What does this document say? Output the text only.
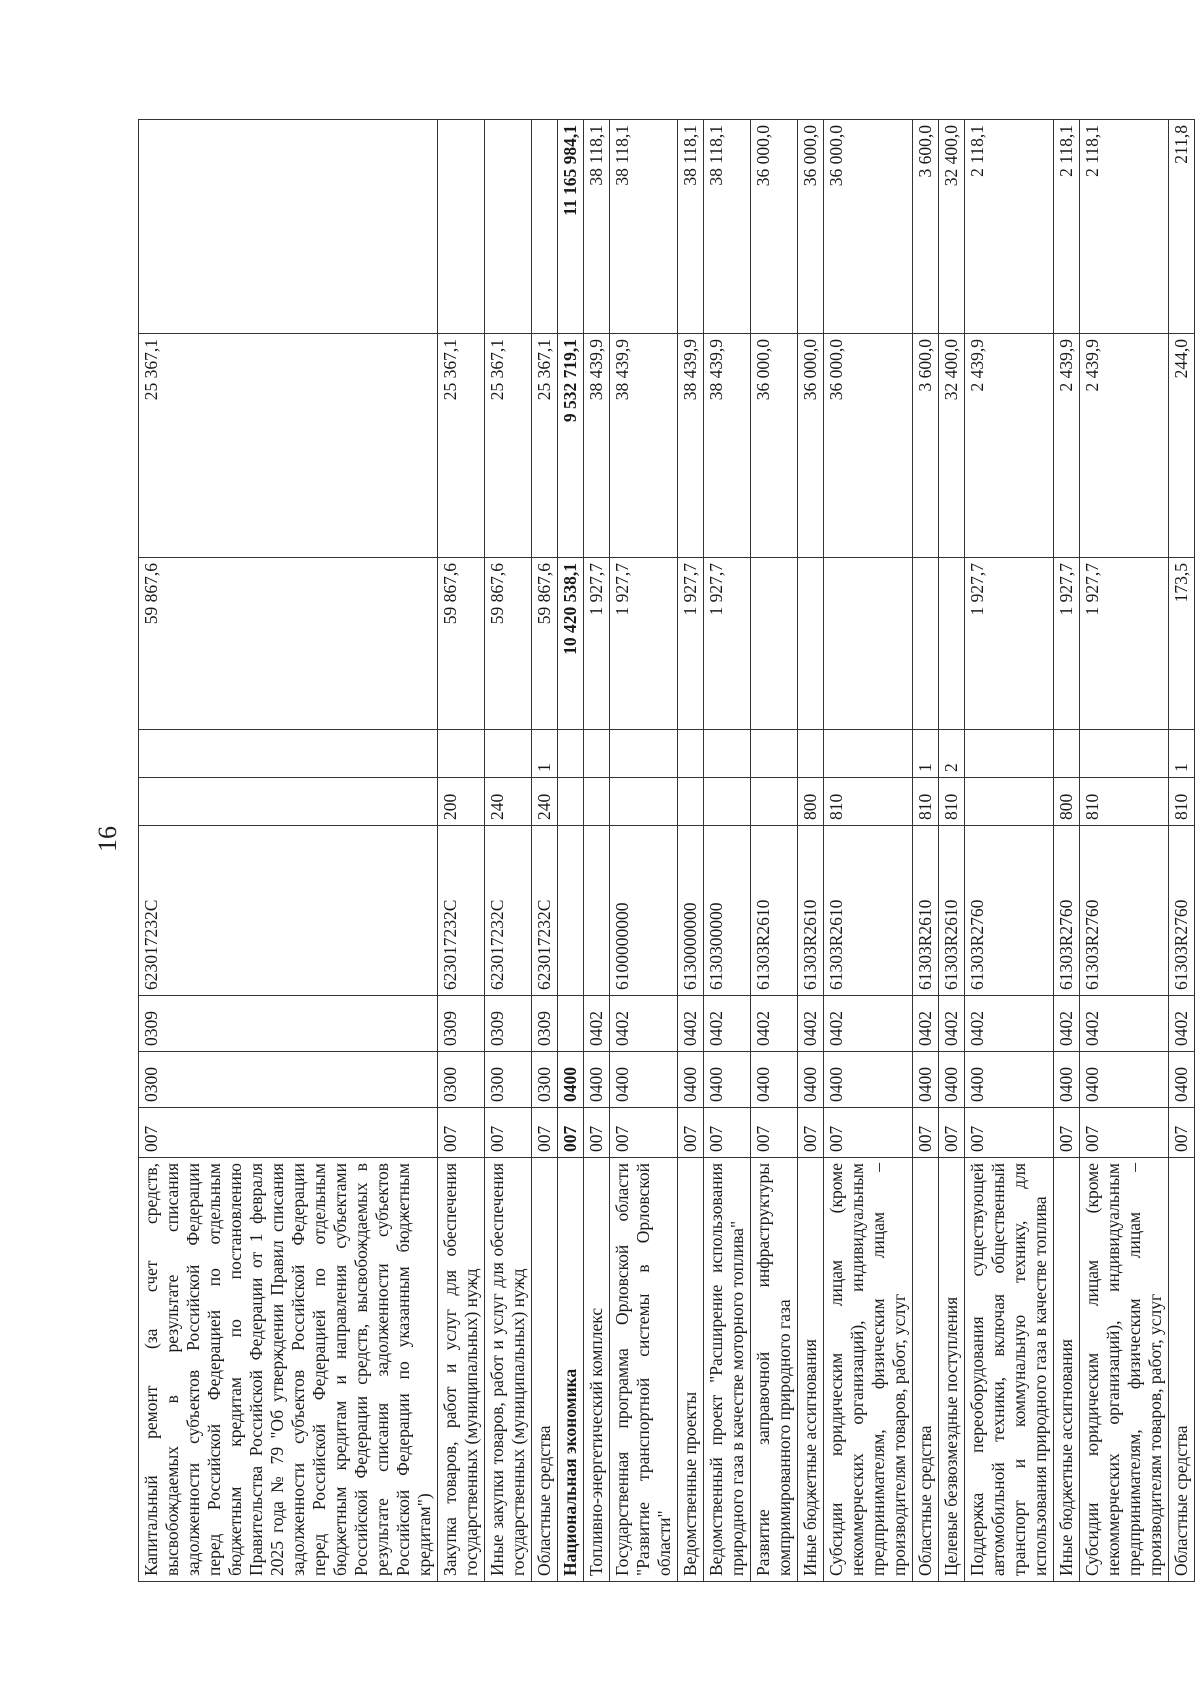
16
Капитальный ремонт (за счет средств, высвобождаемых в результате списания задолженности субъектов Российской Федерации перед Российской Федерацией по отдельным бюджетным кредитам по постановлению Правительства Российской Федерации от 1 февраля 2025 года № 79 "Об утверждении Правил списания задолженности субъектов Российской Федерации перед Российской Федерацией по отдельным бюджетным кредитам и направления субъектами Российской Федерации средств, высвобождаемых в результате списания задолженности субъектов Российской Федерации по указанным бюджетным кредитам")	007	0300	0309	623017232C			59 867,6	25 367,1	
Закупка товаров, работ и услуг для обеспечения государственных (муниципальных) нужд	007	0300	0309	623017232C	200		59 867,6	25 367,1	
Иные закупки товаров, работ и услуг для обеспечения государственных (муниципальных) нужд	007	0300	0309	623017232C	240		59 867,6	25 367,1	
Областные средства	007	0300	0309	623017232C	240	1	59 867,6	25 367,1	
Национальная экономика	007	0400					10 420 538,1	9 532 719,1	11 165 984,1
Топливно-энергетический комплекс	007	0400	0402				1 927,7	38 439,9	38 118,1
Государственная программа Орловской области "Развитие транспортной системы в Орловской области"	007	0400	0402	6100000000			1 927,7	38 439,9	38 118,1
Ведомственные проекты	007	0400	0402	6130000000			1 927,7	38 439,9	38 118,1
Ведомственный проект "Расширение использования природного газа в качестве моторного топлива"	007	0400	0402	6130300000			1 927,7	38 439,9	38 118,1
Развитие заправочной инфраструктуры компримированного природного газа	007	0400	0402	61303R2610				36 000,0	36 000,0
Иные бюджетные ассигнования	007	0400	0402	61303R2610	800			36 000,0	36 000,0
Субсидии юридическим лицам (кроме некоммерческих организаций), индивидуальным предпринимателям, физическим лицам – производителям товаров, работ, услуг	007	0400	0402	61303R2610	810			36 000,0	36 000,0
Областные средства	007	0400	0402	61303R2610	810	1		3 600,0	3 600,0
Целевые безвозмездные поступления	007	0400	0402	61303R2610	810	2		32 400,0	32 400,0
Поддержка переоборудования существующей автомобильной техники, включая общественный транспорт и коммунальную технику, для использования природного газа в качестве топлива	007	0400	0402	61303R2760			1 927,7	2 439,9	2 118,1
Иные бюджетные ассигнования	007	0400	0402	61303R2760	800		1 927,7	2 439,9	2 118,1
Субсидии юридическим лицам (кроме некоммерческих организаций), индивидуальным предпринимателям, физическим лицам – производителям товаров, работ, услуг	007	0400	0402	61303R2760	810		1 927,7	2 439,9	2 118,1
Областные средства	007	0400	0402	61303R2760	810	1	173,5	244,0	211,8
